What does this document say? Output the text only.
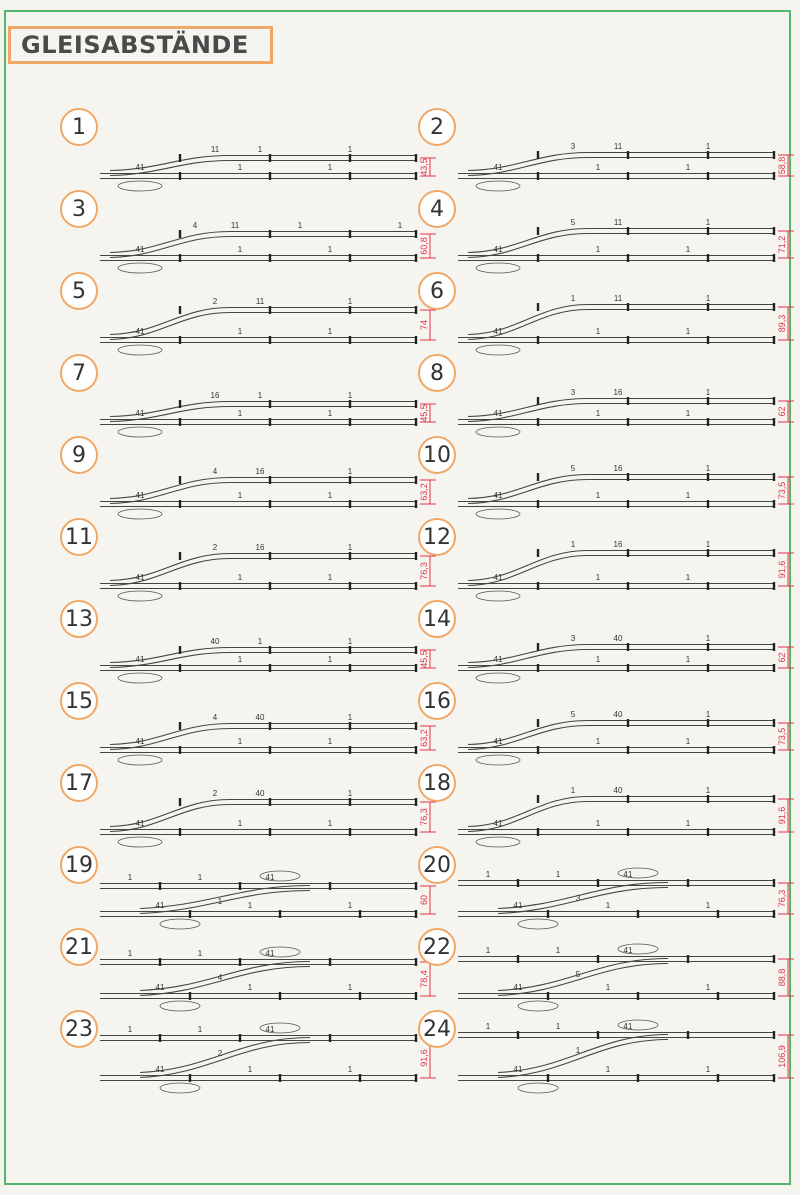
GLEISABSTÄNDE
1
11	1	1
41	1	1	43,5
2
3	11	1
41	1	1	58,8
3
4	11	1	1
41	1	1	60,8
4
5	11	1
41	1	1	71,2
5	2	11	1
41	1	1
74
6	1	11	1
41	1	1	89,3
7
16	1	1
41	1	1	45,5
8
3	16	1
41	1	1	62
9
4	16	1
41	1	1	63,2
10
5	16	1
41	1	1	73,5
11	2	16	1
41	1	1	76,3
12	1	16	1
41	1	1	91,6
13
40	1	1
41	1	1	45,5
14
3	40	1
41	1	1	62
15
4	40	1
41	1	1	63,2
16
5	40	1
41	1	1	73,5
17	2	40	1
41	1	1	76,3
18	1	40	1
41	1	1	91,6
19	1	1	41
1
41	1	1
60
20	1	1	41
3
41	1	1	76,3
21	1	1	41
4
41	1	1	78,4
22	1	1	41
5
41	1	1
88,8
23	1	1	41
2
41	1	1
91,6
24	1	1	41
1
41	1	1
106,9
